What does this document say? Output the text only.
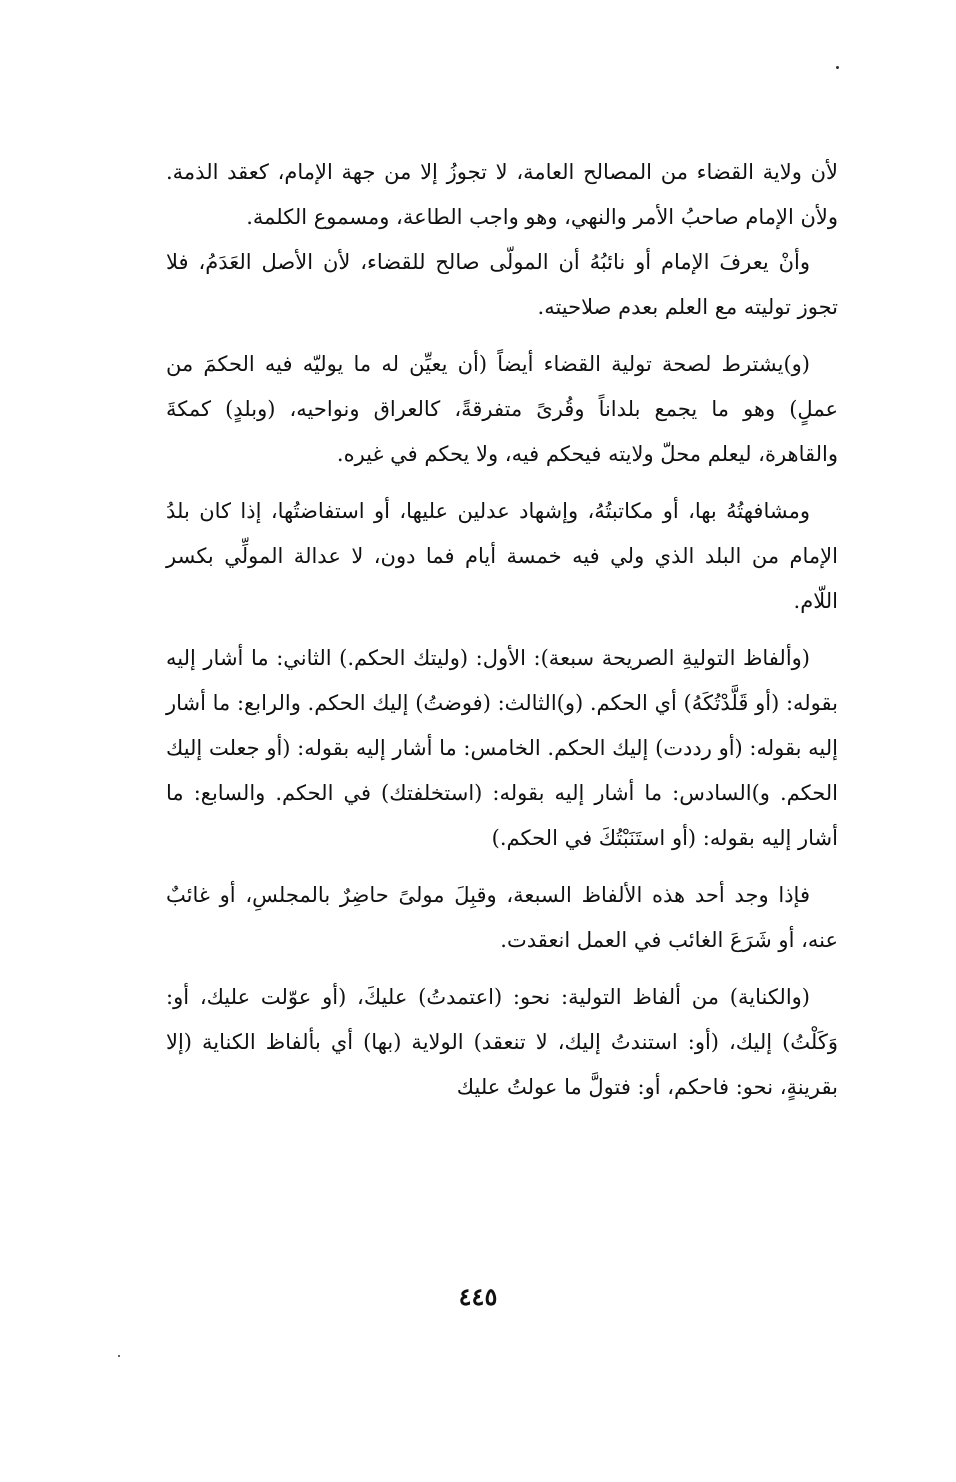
لأن ولاية القضاء من المصالح العامة، لا تجوزُ إلا من جهة الإمام، كعقد الذمة. ولأن الإمام صاحبُ الأمر والنهي، وهو واجب الطاعة، ومسموع الكلمة.

وأنْ يعرفَ الإمام أو نائبُهُ أن المولّى صالح للقضاء، لأن الأصل العَدَمُ، فلا تجوز توليته مع العلم بعدم صلاحيته.

(و)يشترط لصحة تولية القضاء أيضاً (أن يعيِّن له ما يوليّه فيه الحكمَ من عملٍ) وهو ما يجمع بلداناً وقُرىً متفرقةً، كالعراق ونواحيه، (وبلدٍ) كمكةَ والقاهرة، ليعلم محلّ ولايته فيحكم فيه، ولا يحكم في غيره.

ومشافهتُهُ بها، أو مكاتبتُهُ، وإشهاد عدلين عليها، أو استفاضتُها، إذا كان بلدُ الإمام من البلد الذي ولي فيه خمسة أيام فما دون، لا عدالة المولِّي بكسر اللّام.

(وألفاظ التوليةِ الصريحة سبعة): الأول: (وليتك الحكم.) الثاني: ما أشار إليه بقوله: (أو قَلَّدْتُكَهُ) أي الحكم. (و)الثالث: (فوضتُ) إليك الحكم. والرابع: ما أشار إليه بقوله: (أو رددت) إليك الحكم. الخامس: ما أشار إليه بقوله: (أو جعلت إليك الحكم. و)السادس: ما أشار إليه بقوله: (استخلفتك) في الحكم. والسابع: ما أشار إليه بقوله: (أو استَنَبْتُكَ في الحكم.)

فإذا وجد أحد هذه الألفاظ السبعة، وقبِلَ مولىً حاضِرٌ بالمجلسِ، أو غائبٌ عنه، أو شَرَعَ الغائب في العمل انعقدت.

(والكناية) من ألفاظ التولية: نحو: (اعتمدتُ) عليكَ، (أو عوّلت عليك، أو: وَكَلْتُ) إليك، (أو: استندتُ إليك، لا تنعقد) الولاية (بها) أي بألفاظ الكناية (إلا بقرينةٍ، نحو: فاحكم، أو: فتولَّ ما عولتُ عليك

٤٤٥
